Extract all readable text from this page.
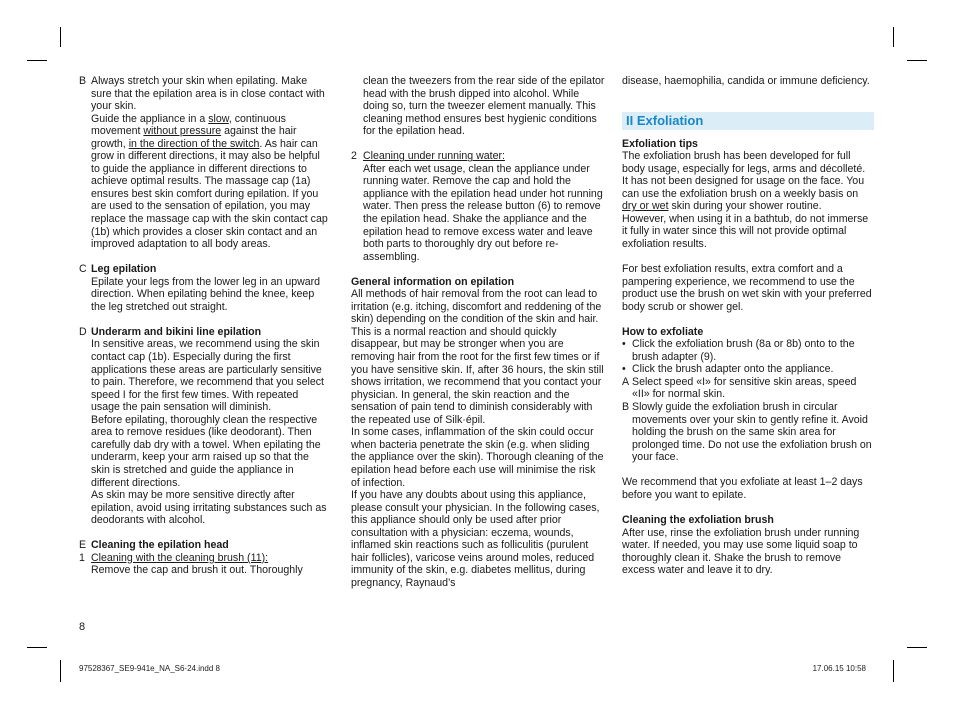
B Always stretch your skin when epilating. Make sure that the epilation area is in close contact with your skin.

Guide the appliance in a slow, continuous movement without pressure against the hair growth, in the direction of the switch. As hair can grow in different directions, it may also be helpful to guide the appliance in different directions to achieve optimal results. The massage cap (1a) ensures best skin comfort during epilation. If you are used to the sensation of epilation, you may replace the massage cap with the skin contact cap (1b) which provides a closer skin contact and an improved adaptation to all body areas.

C Leg epilation

Epilate your legs from the lower leg in an upward direction. When epilating behind the knee, keep the leg stretched out straight.

D Underarm and bikini line epilation

In sensitive areas, we recommend using the skin contact cap (1b). Especially during the first applications these areas are particularly sensitive to pain. Therefore, we recommend that you select speed I for the first few times. With repeated usage the pain sensation will diminish.

Before epilating, thoroughly clean the respective area to remove residues (like deodorant). Then carefully dab dry with a towel. When epilating the underarm, keep your arm raised up so that the skin is stretched and guide the appliance in different directions.

As skin may be more sensitive directly after epilation, avoid using irritating substances such as deodorants with alcohol.

E Cleaning the epilation head

1 Cleaning with the cleaning brush (11):

Remove the cap and brush it out. Thoroughly

clean the tweezers from the rear side of the epilator head with the brush dipped into alcohol. While doing so, turn the tweezer element manually. This cleaning method ensures best hygienic conditions for the epilation head.

2 Cleaning under running water:

After each wet usage, clean the appliance under running water. Remove the cap and hold the appliance with the epilation head under hot running water. Then press the release button (6) to remove the epilation head. Shake the appliance and the epilation head to remove excess water and leave both parts to thoroughly dry out before re-assembling.

General information on epilation

All methods of hair removal from the root can lead to irritation (e.g. itching, discomfort and reddening of the skin) depending on the condition of the skin and hair. This is a normal reaction and should quickly disappear, but may be stronger when you are removing hair from the root for the first few times or if you have sensitive skin. If, after 36 hours, the skin still shows irritation, we recommend that you contact your physician. In general, the skin reaction and the sensation of pain tend to diminish considerably with the repeated use of Silk·épil.

In some cases, inflammation of the skin could occur when bacteria penetrate the skin (e.g. when sliding the appliance over the skin). Thorough cleaning of the epilation head before each use will minimise the risk of infection.

If you have any doubts about using this appliance, please consult your physician. In the following cases, this appliance should only be used after prior consultation with a physician: eczema, wounds, inflamed skin reactions such as folliculitis (purulent hair follicles), varicose veins around moles, reduced immunity of the skin, e.g. diabetes mellitus, during pregnancy, Raynaud’s

disease, haemophilia, candida or immune deficiency.

II Exfoliation

Exfoliation tips

The exfoliation brush has been developed for full body usage, especially for legs, arms and décolleté. It has not been designed for usage on the face. You can use the exfoliation brush on a weekly basis on dry or wet skin during your shower routine.

However, when using it in a bathtub, do not immerse it fully in water since this will not provide optimal exfoliation results.

For best exfoliation results, extra comfort and a pampering experience, we recommend to use the product use the brush on wet skin with your preferred body scrub or shower gel.

How to exfoliate

• Click the exfoliation brush (8a or 8b) onto to the brush adapter (9).

• Click the brush adapter onto the appliance.

A Select speed «I» for sensitive skin areas, speed «II» for normal skin.

B Slowly guide the exfoliation brush in circular movements over your skin to gently refine it. Avoid holding the brush on the same skin area for prolonged time. Do not use the exfoliation brush on your face.

We recommend that you exfoliate at least 1–2 days before you want to epilate.

Cleaning the exfoliation brush

After use, rinse the exfoliation brush under running water. If needed, you may use some liquid soap to thoroughly clean it. Shake the brush to remove excess water and leave it to dry.

8
97528367_SE9-941e_NA_S6-24.indd 8	17.06.15 10:58
